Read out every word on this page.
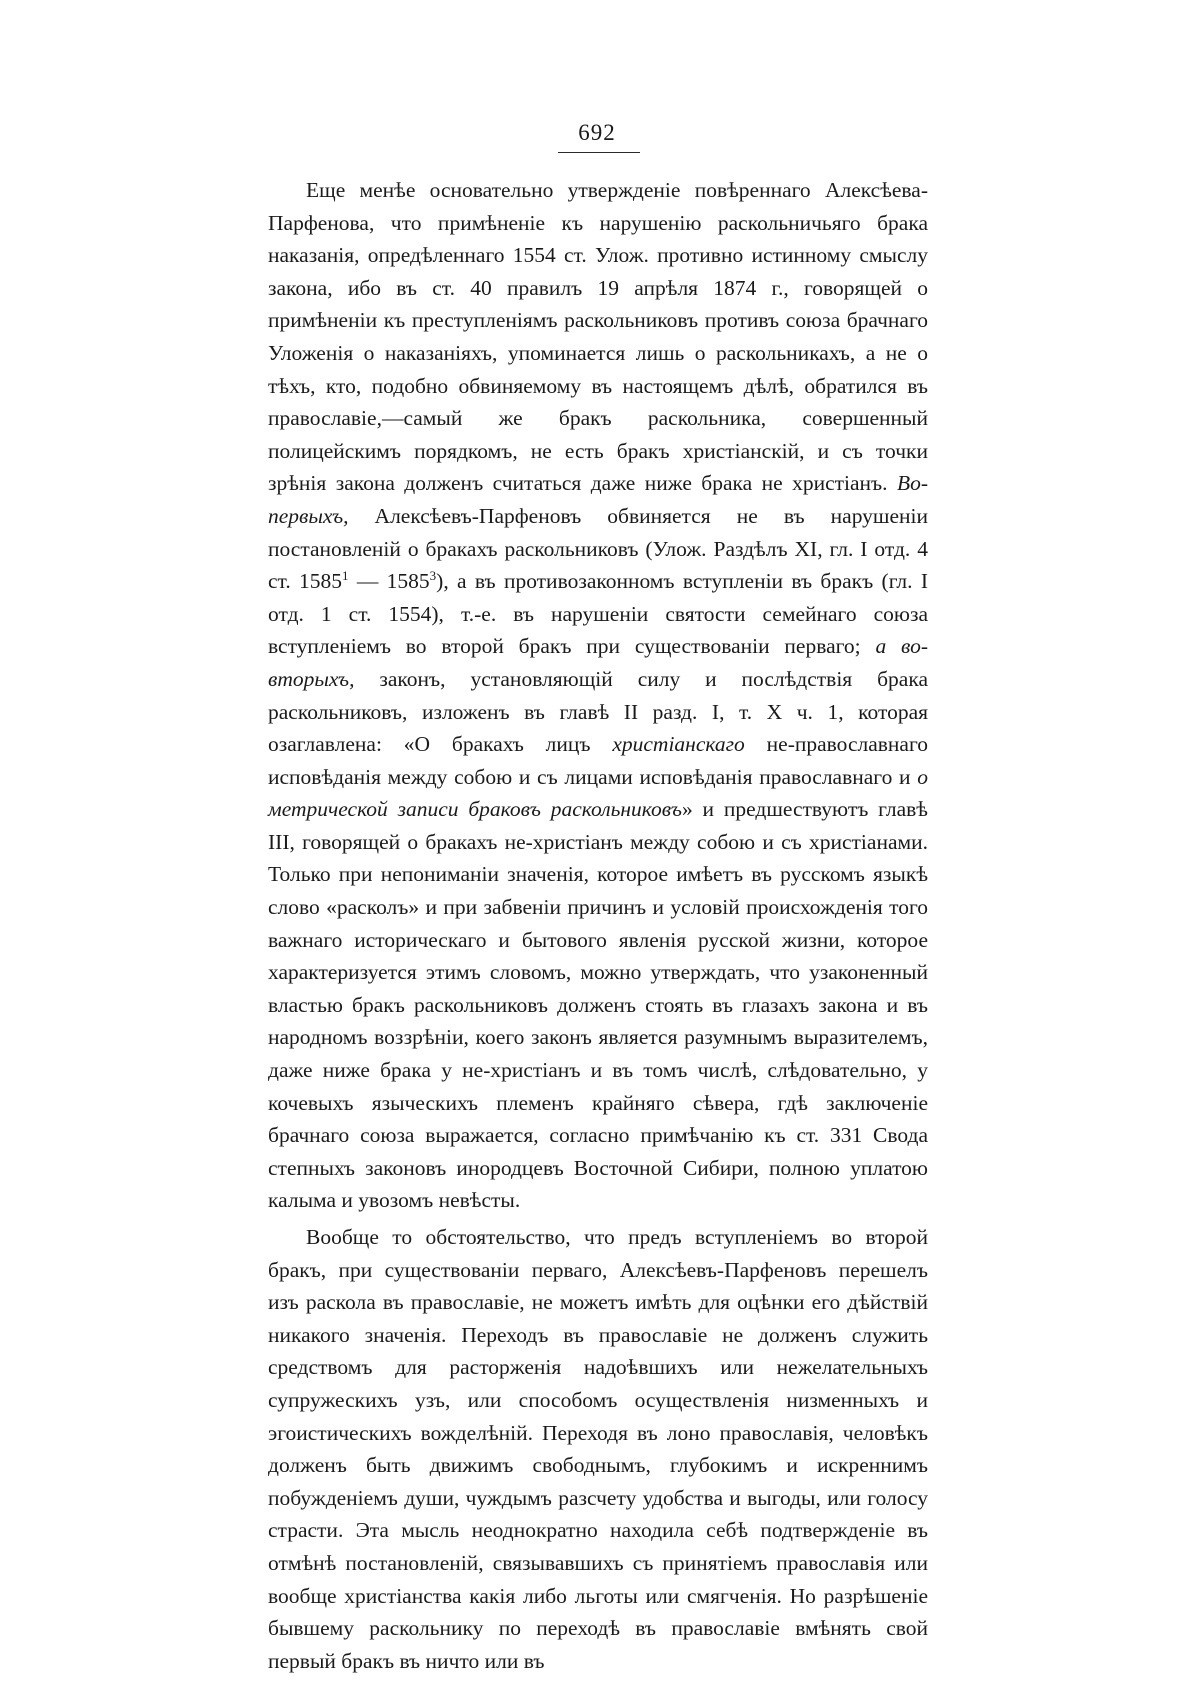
692

Еще менѣе основательно утвержденіе повѣреннаго Алексѣева-Парфенова, что примѣненіе къ нарушенію раскольничьяго брака наказанія, опредѣленнаго 1554 ст. Улож. противно истинному смыслу закона, ибо въ ст. 40 правилъ 19 апрѣля 1874 г., говорящей о примѣненіи къ преступленіямъ раскольниковъ противъ союза брачнаго Уложенія о наказаніяхъ, упоминается лишь о раскольникахъ, а не о тѣхъ, кто, подобно обвиняемому въ настоящемъ дѣлѣ, обратился въ православіе,—самый же бракъ раскольника, совершенный полицейскимъ порядкомъ, не есть бракъ христіанскій, и съ точки зрѣнія закона долженъ считаться даже ниже брака не христіанъ. Во-первыхъ, Алексѣевъ-Парфеновъ обвиняется не въ нарушеніи постановленій о бракахъ раскольниковъ (Улож. Раздѣлъ XI, гл. I отд. 4 ст. 1585$^1$ — 1585$^3$), а въ противозаконномъ вступленіи въ бракъ (гл. I отд. 1 ст. 1554), т.-е. въ нарушеніи святости семейнаго союза вступленіемъ во второй бракъ при существованіи перваго; а во-вторыхъ, законъ, установляющій силу и послѣдствія брака раскольниковъ, изложенъ въ главѣ II разд. I, т. X ч. 1, которая озаглавлена: «О бракахъ лицъ христіанскаго не-православнаго исповѣданія между собою и съ лицами исповѣданія православнаго и о метрической записи браковъ раскольниковъ» и предшествуютъ главѣ III, говорящей о бракахъ не-христіанъ между собою и съ христіанами. Только при непониманіи значенія, которое имѣетъ въ русскомъ языкѣ слово «расколъ» и при забвеніи причинъ и условій происхожденія того важнаго историческаго и бытового явленія русской жизни, которое характеризуется этимъ словомъ, можно утверждать, что узаконенный властью бракъ раскольниковъ долженъ стоять въ глазахъ закона и въ народномъ воззрѣніи, коего законъ является разумнымъ выразителемъ, даже ниже брака у не-христіанъ и въ томъ числѣ, слѣдовательно, у кочевыхъ языческихъ племенъ крайняго сѣвера, гдѣ заключеніе брачнаго союза выражается, согласно примѣчанію къ ст. 331 Свода степныхъ законовъ инородцевъ Восточной Сибири, полною уплатою калыма и увозомъ невѣсты.

Вообще то обстоятельство, что предъ вступленіемъ во второй бракъ, при существованіи перваго, Алексѣевъ-Парфеновъ перешелъ изъ раскола въ православіе, не можетъ имѣть для оцѣнки его дѣйствій никакого значенія. Переходъ въ православіе не долженъ служить средствомъ для расторженія надоѣвшихъ или нежелательныхъ супружескихъ узъ, или способомъ осуществленія низменныхъ и эгоистическихъ вожделѣній. Переходя въ лоно православія, человѣкъ долженъ быть движимъ свободнымъ, глубокимъ и искреннимъ побужденіемъ души, чуждымъ разсчету удобства и выгоды, или голосу страсти. Эта мысль неоднократно находила себѣ подтвержденіе въ отмѣнѣ постановленій, связывавшихъ съ принятіемъ православія или вообще христіанства какія либо льготы или смягченія. Но разрѣшеніе бывшему раскольнику по переходѣ въ православіе вмѣнять свой первый бракъ въ ничто или въ
